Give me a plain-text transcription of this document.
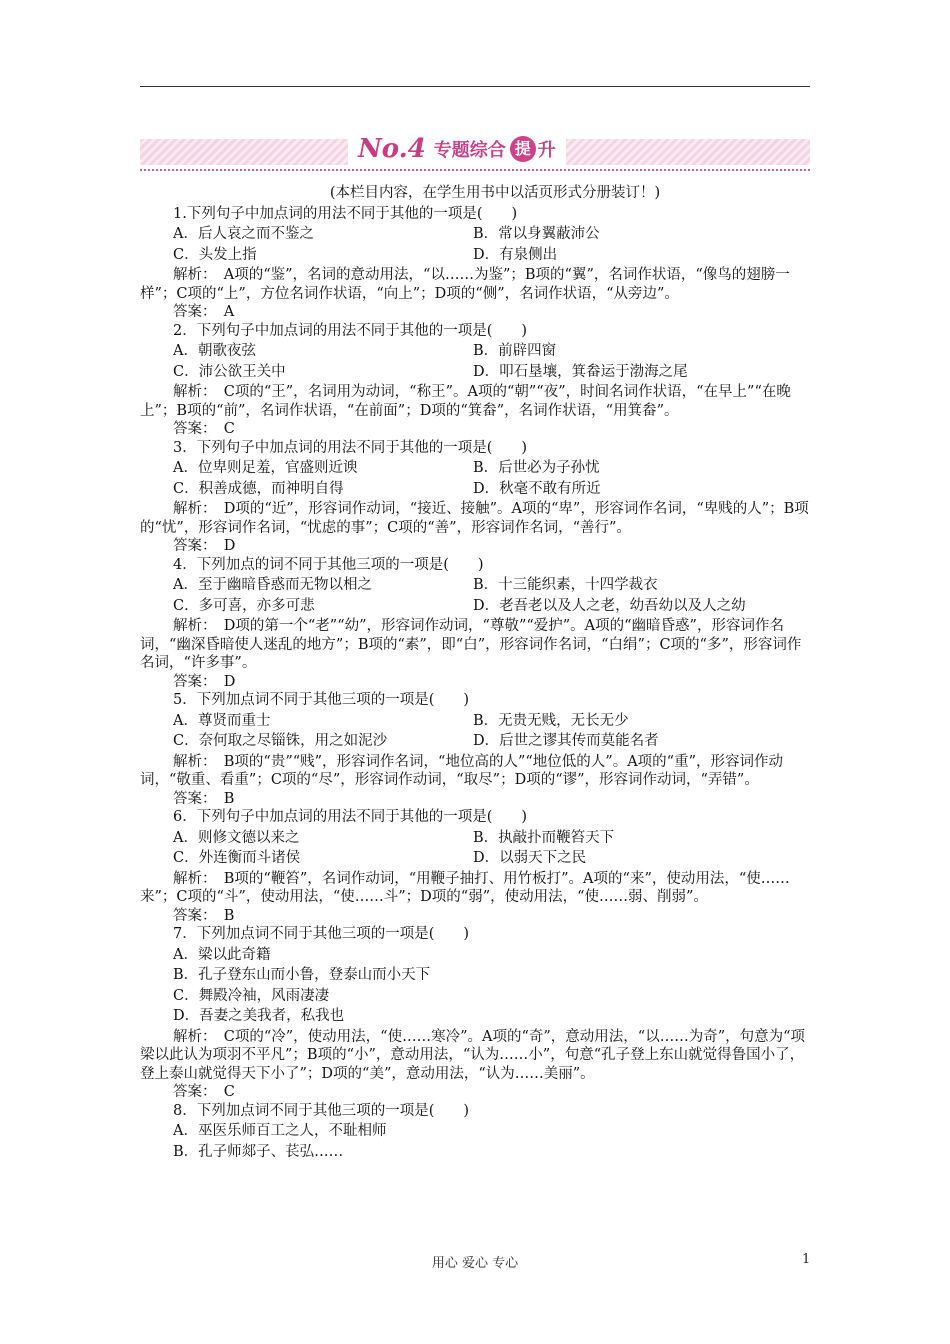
No.4 专题综合 提 升
(本栏目内容，在学生用书中以活页形式分册装订！)
1.下列句子中加点词的用法不同于其他的一项是(　　)
A．后人哀之而不鉴之	B．常以身翼蔽沛公
C．头发上指	D．有泉侧出
解析：　A项的“鉴”，名词的意动用法，“以……为鉴”；B项的“翼”，名词作状语，“像鸟的翅膀一样”；C项的“上”，方位名词作状语，“向上”；D项的“侧”，名词作状语，“从旁边”。
答案：　A
2．下列句子中加点词的用法不同于其他的一项是(　　)
A．朝歌夜弦	B．前辟四窗
C．沛公欲王关中	D．叩石垦壤，箕畚运于渤海之尾
解析：　C项的“王”，名词用为动词，“称王”。A项的“朝”“夜”，时间名词作状语，“在早上”“在晚上”；B项的“前”，名词作状语，“在前面”；D项的“箕畚”，名词作状语，“用箕畚”。
答案：　C
3．下列句子中加点词的用法不同于其他的一项是(　　)
A．位卑则足羞，官盛则近谀	B．后世必为子孙忧
C．积善成德，而神明自得	D．秋毫不敢有所近
解析：　D项的“近”，形容词作动词，“接近、接触”。A项的“卑”，形容词作名词，“卑贱的人”；B项的“忧”，形容词作名词，“忧虑的事”；C项的“善”，形容词作名词，“善行”。
答案：　D
4．下列加点的词不同于其他三项的一项是(　　)
A．至于幽暗昏惑而无物以相之	B．十三能织素，十四学裁衣
C．多可喜，亦多可悲	D．老吾老以及人之老，幼吾幼以及人之幼
解析：　D项的第一个“老”“幼”，形容词作动词，“尊敬”“爱护”。A项的“幽暗昏惑”，形容词作名词，“幽深昏暗使人迷乱的地方”；B项的“素”，即“白”，形容词作名词，“白绢”；C项的“多”，形容词作名词，“许多事”。
答案：　D
5．下列加点词不同于其他三项的一项是(　　)
A．尊贤而重士	B．无贵无贱，无长无少
C．奈何取之尽锱铢，用之如泥沙	D．后世之谬其传而莫能名者
解析：　B项的“贵”“贱”，形容词作名词，“地位高的人”“地位低的人”。A项的“重”，形容词作动词，“敬重、看重”；C项的“尽”，形容词作动词，“取尽”；D项的“谬”，形容词作动词，“弄错”。
答案：　B
6．下列句子中加点词的用法不同于其他的一项是(　　)
A．则修文德以来之	B．执敲扑而鞭笞天下
C．外连衡而斗诸侯	D．以弱天下之民
解析：　B项的“鞭笞”，名词作动词，“用鞭子抽打、用竹板打”。A项的“来”，使动用法，“使……来”；C项的“斗”，使动用法，“使……斗”；D项的“弱”，使动用法，“使……弱、削弱”。
答案：　B
7．下列加点词不同于其他三项的一项是(　　)
A．梁以此奇籍
B．孔子登东山而小鲁，登泰山而小天下
C．舞殿冷袖，风雨凄凄
D．吾妻之美我者，私我也
解析：　C项的“冷”，使动用法，“使……寒冷”。A项的“奇”，意动用法，“以……为奇”，句意为“项梁以此认为项羽不平凡”；B项的“小”，意动用法，“认为……小”，句意“孔子登上东山就觉得鲁国小了，登上泰山就觉得天下小了”；D项的“美”，意动用法，“认为……美丽”。
答案：　C
8．下列加点词不同于其他三项的一项是(　　)
A．巫医乐师百工之人，不耻相师
B．孔子师郯子、苌弘……
用心 爱心 专心	1
